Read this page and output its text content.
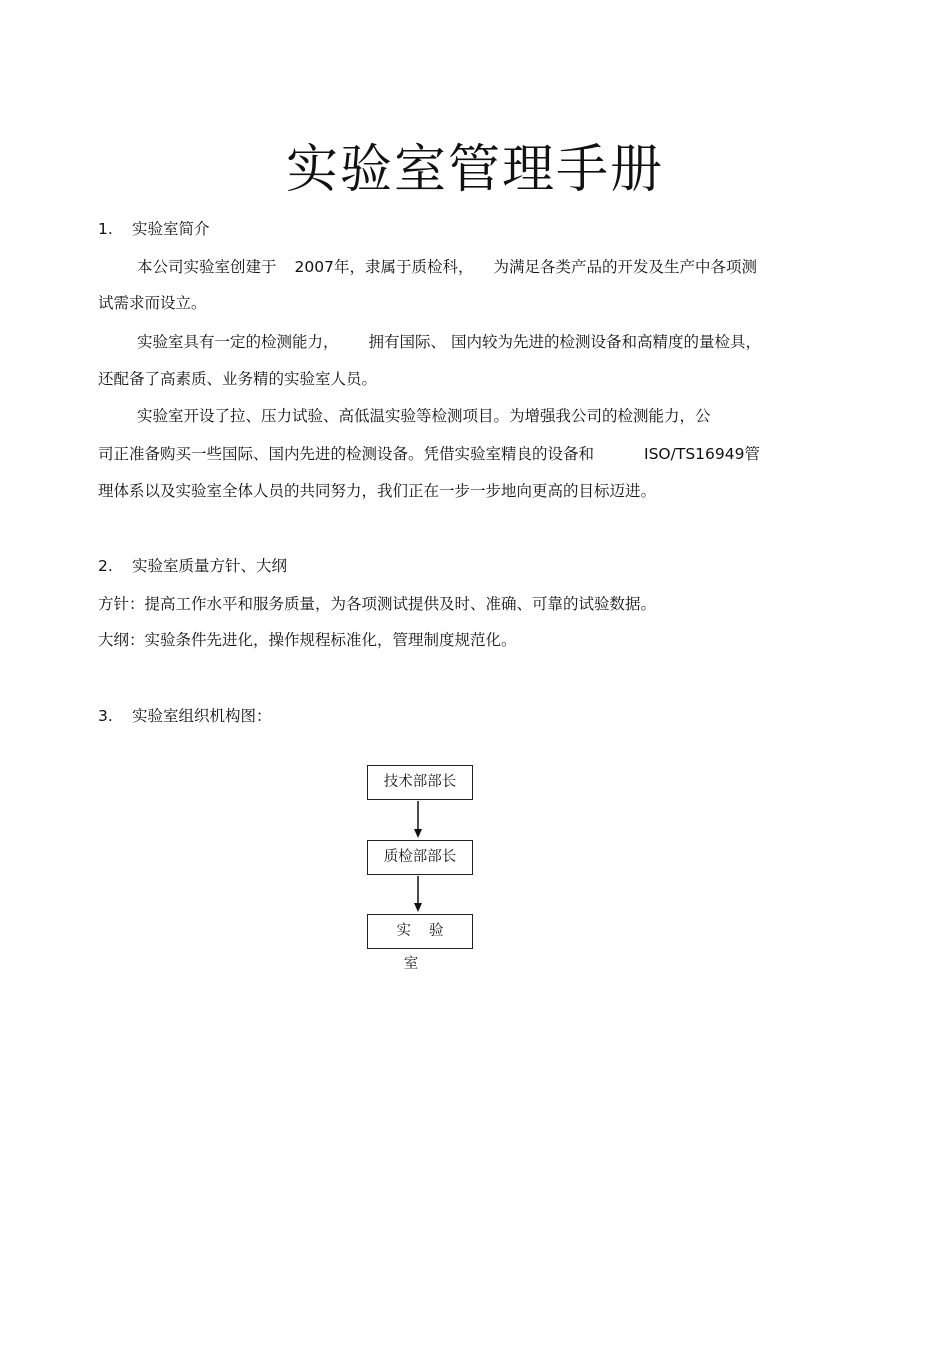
实验室管理手册
1. 实验室简介
本公司实验室创建于 2007年，隶属于质检科， 为满足各类产品的开发及生产中各项测
试需求而设立。
实验室具有一定的检测能力， 拥有国际、 国内较为先进的检测设备和高精度的量检具，
还配备了高素质、业务精的实验室人员。
实验室开设了拉、压力试验、高低温实验等检测项目。为增强我公司的检测能力，公
司正准备购买一些国际、国内先进的检测设备。凭借实验室精良的设备和	ISO/TS16949管
理体系以及实验室全体人员的共同努力，我们正在一步一步地向更高的目标迈进。
2. 实验室质量方针、大纲
方针：提高工作水平和服务质量，为各项测试提供及时、准确、可靠的试验数据。
大纲：实验条件先进化，操作规程标准化，管理制度规范化。
3. 实验室组织机构图：
技术部部长
质检部部长
实验室
